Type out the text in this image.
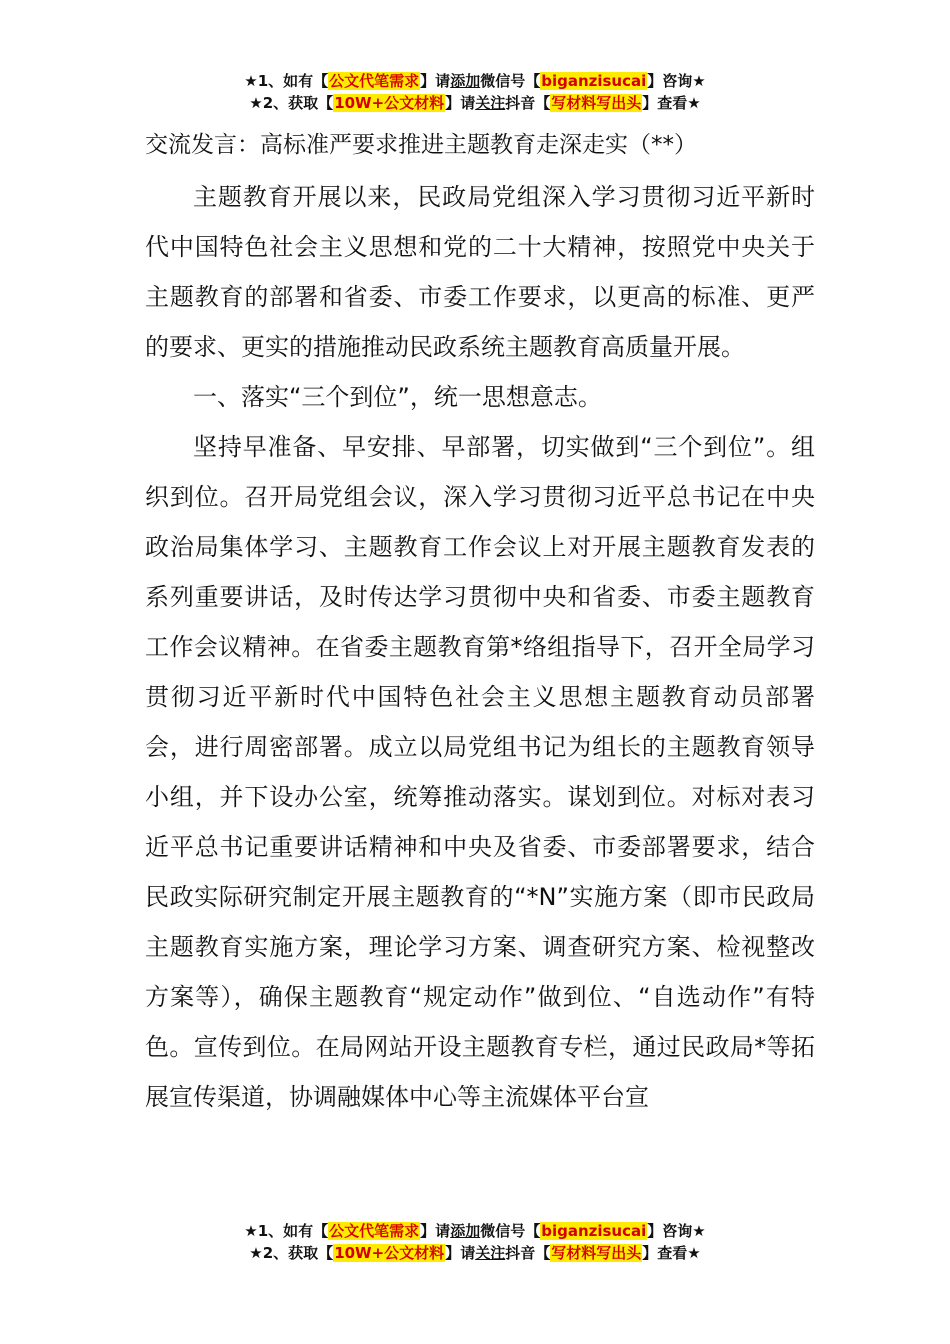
★1、如有【公文代笔需求】请添加微信号【biganzisucai】咨询★
★2、获取【10W+公文材料】请关注抖音【写材料写出头】查看★
交流发言：高标准严要求推进主题教育走深走实（**）

主题教育开展以来，民政局党组深入学习贯彻习近平新时代中国特色社会主义思想和党的二十大精神，按照党中央关于主题教育的部署和省委、市委工作要求，以更高的标准、更严的要求、更实的措施推动民政系统主题教育高质量开展。

一、落实“三个到位”，统一思想意志。

坚持早准备、早安排、早部署，切实做到“三个到位”。组织到位。召开局党组会议，深入学习贯彻习近平总书记在中央政治局集体学习、主题教育工作会议上对开展主题教育发表的系列重要讲话，及时传达学习贯彻中央和省委、市委主题教育工作会议精神。在省委主题教育第*络组指导下，召开全局学习贯彻习近平新时代中国特色社会主义思想主题教育动员部署会，进行周密部署。成立以局党组书记为组长的主题教育领导小组，并下设办公室，统筹推动落实。谋划到位。对标对表习近平总书记重要讲话精神和中央及省委、市委部署要求，结合民政实际研究制定开展主题教育的“*N”实施方案（即市民政局主题教育实施方案，理论学习方案、调查研究方案、检视整改方案等），确保主题教育“规定动作”做到位、“自选动作”有特色。宣传到位。在局网站开设主题教育专栏，通过民政局*等拓展宣传渠道，协调融媒体中心等主流媒体平台宣

★1、如有【公文代笔需求】请添加微信号【biganzisucai】咨询★
★2、获取【10W+公文材料】请关注抖音【写材料写出头】查看★
